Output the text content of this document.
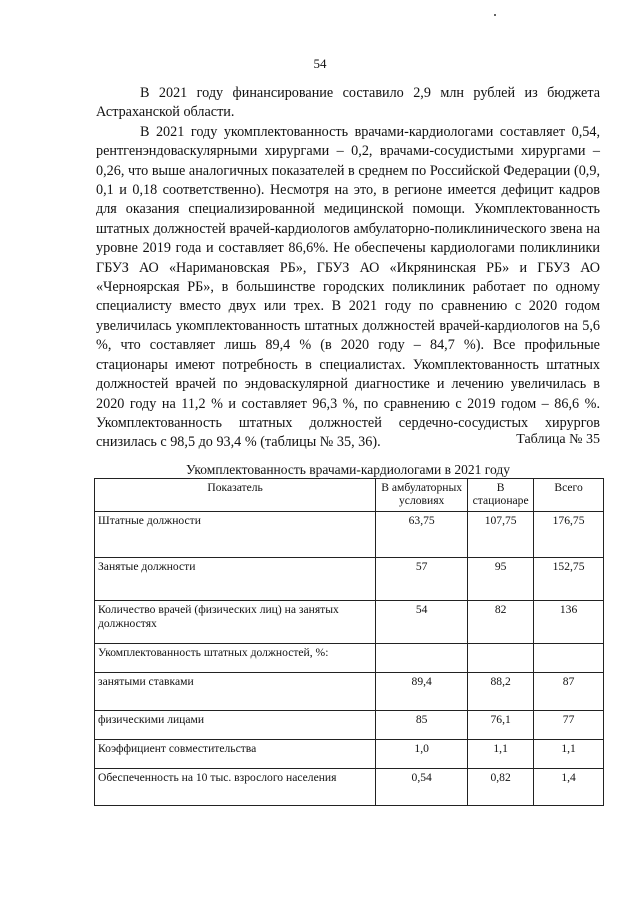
54

В 2021 году финансирование составило 2,9 млн рублей из бюджета Астраханской области.

В 2021 году укомплектованность врачами-кардиологами составляет 0,54, рентгенэндоваскулярными хирургами – 0,2, врачами-сосудистыми хирургами – 0,26, что выше аналогичных показателей в среднем по Российской Федерации (0,9, 0,1 и 0,18 соответственно). Несмотря на это, в регионе имеется дефицит кадров для оказания специализированной медицинской помощи. Укомплектованность штатных должностей врачей-кардиологов амбулаторно-поликлинического звена на уровне 2019 года и составляет 86,6%. Не обеспечены кардиологами поликлиники ГБУЗ АО «Наримановская РБ», ГБУЗ АО «Икрянинская РБ» и ГБУЗ АО «Черноярская РБ», в большинстве городских поликлиник работает по одному специалисту вместо двух или трех. В 2021 году по сравнению с 2020 годом увеличилась укомплектованность штатных должностей врачей-кардиологов на 5,6 %, что составляет лишь 89,4 % (в 2020 году – 84,7 %). Все профильные стационары имеют потребность в специалистах. Укомплектованность штатных должностей врачей по эндоваскулярной диагностике и лечению увеличилась в 2020 году на 11,2 % и составляет 96,3 %, по сравнению с 2019 годом – 86,6 %. Укомплектованность штатных должностей сердечно-сосудистых хирургов снизилась с 98,5 до 93,4 % (таблицы № 35, 36).	Таблица № 35
Укомплектованность врачами-кардиологами в 2021 году
Показатель	В амбулаторных условиях	В стационаре	Всего
Штатные должности	63,75	107,75	176,75
Занятые должности	57	95	152,75
Количество врачей (физических лиц) на занятых должностях	54	82	136
Укомплектованность штатных должностей, %:			
занятыми ставками	89,4	88,2	87
физическими лицами	85	76,1	77
Коэффициент совместительства	1,0	1,1	1,1
Обеспеченность на 10 тыс. взрослого населения	0,54	0,82	1,4
